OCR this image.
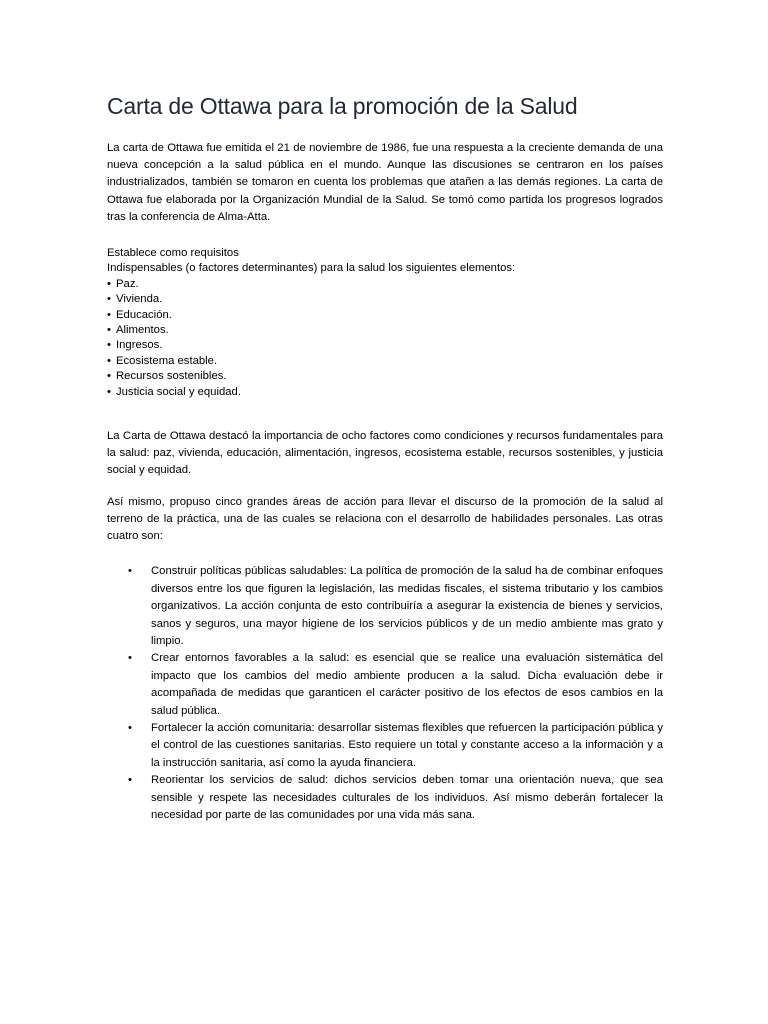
Carta de Ottawa para la promoción de la Salud

La carta de Ottawa fue emitida el 21 de noviembre de 1986, fue una respuesta a la creciente demanda de una nueva concepción a la salud pública en el mundo. Aunque las discusiones se centraron en los países industrializados, también se tomaron en cuenta los problemas que atañen a las demás regiones. La carta de Ottawa fue elaborada por la Organización Mundial de la Salud. Se tomó como partida los progresos logrados tras la conferencia de Alma-Atta.

Establece como requisitos
Indispensables (o factores determinantes) para la salud los siguientes elementos:
• Paz.
• Vivienda.
• Educación.
• Alimentos.
• Ingresos.
• Ecosistema estable.
• Recursos sostenibles.
• Justicia social y equidad.

La Carta de Ottawa destacó la importancia de ocho factores como condiciones y recursos fundamentales para la salud: paz, vivienda, educación, alimentación, ingresos, ecosistema estable, recursos sostenibles, y justicia social y equidad.

Así mismo, propuso cinco grandes áreas de acción para llevar el discurso de la promoción de la salud al terreno de la práctica, una de las cuales se relaciona con el desarrollo de habilidades personales. Las otras cuatro son:

• Construir políticas públicas saludables: La política de promoción de la salud ha de combinar enfoques diversos entre los que figuren la legislación, las medidas fiscales, el sistema tributario y los cambios organizativos. La acción conjunta de esto contribuiría a asegurar la existencia de bienes y servicios, sanos y seguros, una mayor higiene de los servicios públicos y de un medio ambiente mas grato y limpio.
• Crear entornos favorables a la salud: es esencial que se realice una evaluación sistemática del impacto que los cambios del medio ambiente producen a la salud. Dicha evaluación debe ir acompañada de medidas que garanticen el carácter positivo de los efectos de esos cambios en la salud pública.
• Fortalecer la acción comunitaria: desarrollar sistemas flexibles que refuercen la participación pública y el control de las cuestiones sanitarias. Esto requiere un total y constante acceso a la información y a la instrucción sanitaria, así como la ayuda financiera.
• Reorientar los servicios de salud: dichos servicios deben tomar una orientación nueva, que sea sensible y respete las necesidades culturales de los individuos. Así mismo deberán fortalecer la necesidad por parte de las comunidades por una vida más sana.
